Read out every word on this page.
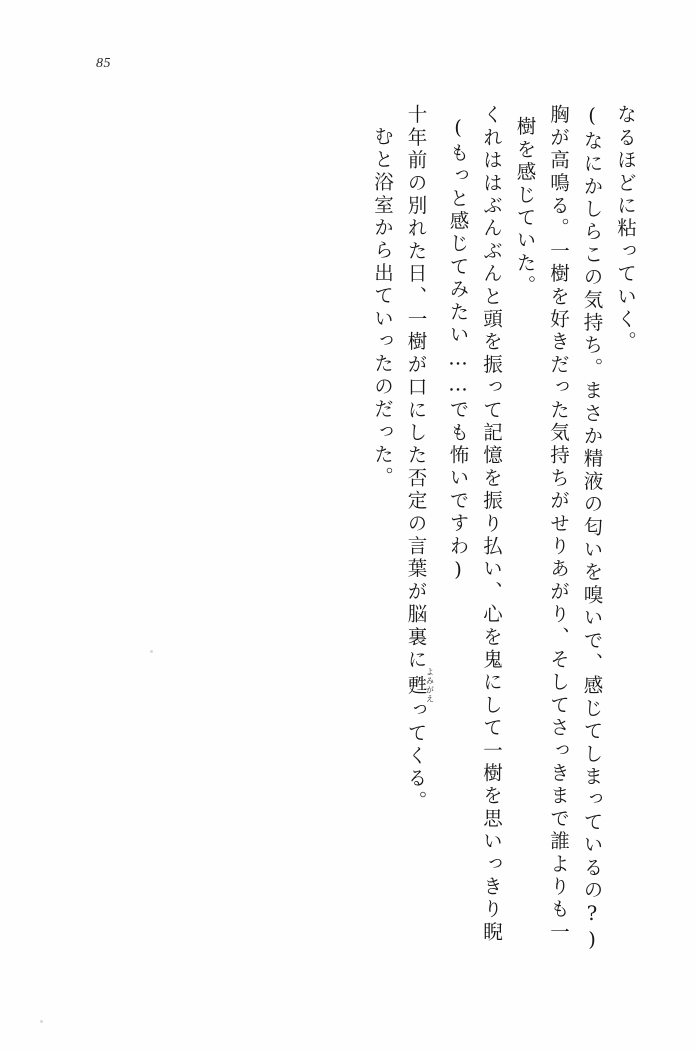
85
むと浴室から出ていったのだった。 十年前の別れた日、一樹が口にした否定の言葉が脳裏に甦よみがえってくる。
(もっと感じてみたい……でも怖いですわ) くれははぶんぶんと頭を振って記憶を振り払い、心を鬼にして一樹を思いっきり睨 樹を感じていた。 胸が高鳴る。一樹を好きだった気持ちがせりあがり、そしてさっきまで誰よりも一 (なにかしらこの気持ち。まさか精液の匂いを嗅いで、感じてしまっているの?) なるほどに粘っていく。
